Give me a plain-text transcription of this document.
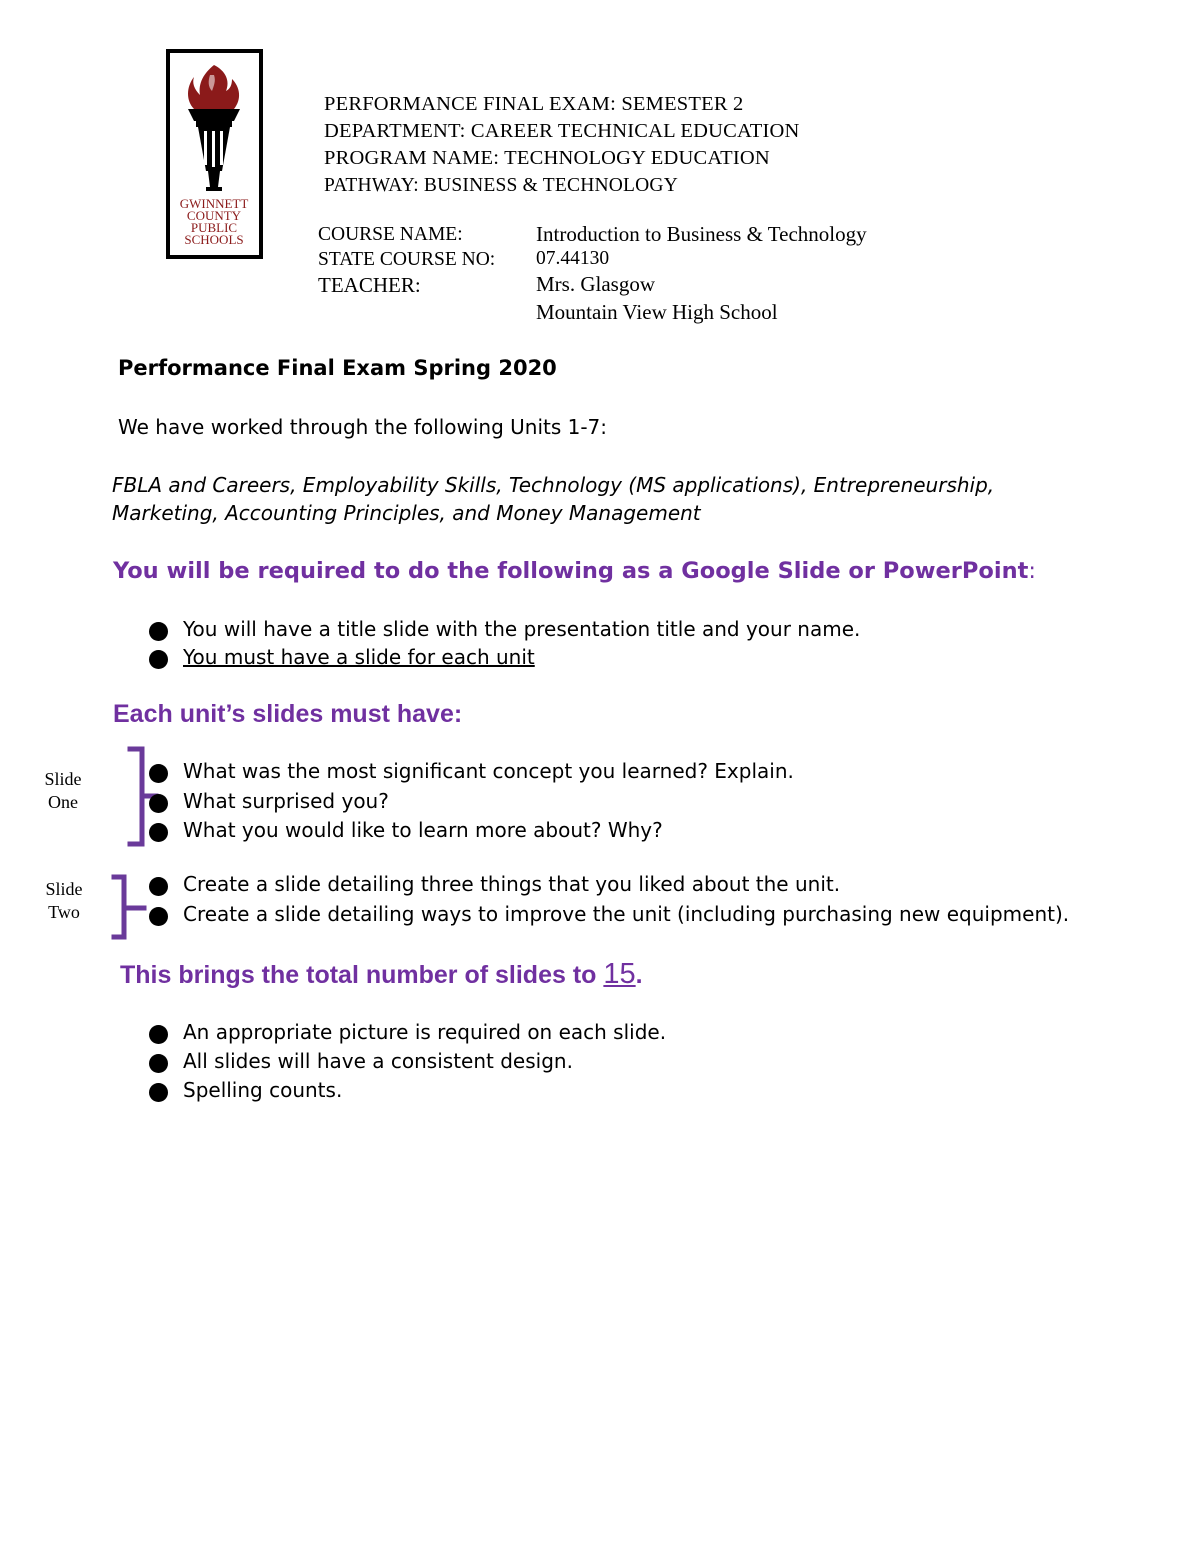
GWINNETT
COUNTY
PUBLIC
SCHOOLS
PERFORMANCE FINAL EXAM: SEMESTER 2
DEPARTMENT: CAREER TECHNICAL EDUCATION
PROGRAM NAME: TECHNOLOGY EDUCATION
PATHWAY: BUSINESS & TECHNOLOGY
COURSE NAME:	Introduction to Business & Technology
STATE COURSE NO: 07.44130
TEACHER:	Mrs. Glasgow
Mountain View High School
Performance Final Exam Spring 2020
We have worked through the following Units 1-7:
FBLA and Careers, Employability Skills, Technology (MS applications), Entrepreneurship, Marketing, Accounting Principles, and Money Management
You will be required to do the following as a Google Slide or PowerPoint:
You will have a title slide with the presentation title and your name.
You must have a slide for each unit
Each unit’s slides must have:
Slide
One
What was the most significant concept you learned? Explain.
What surprised you?
What you would like to learn more about? Why?
Slide
Two
Create a slide detailing three things that you liked about the unit.
Create a slide detailing ways to improve the unit (including purchasing new equipment).
This brings the total number of slides to 15.
An appropriate picture is required on each slide.
All slides will have a consistent design.
Spelling counts.
